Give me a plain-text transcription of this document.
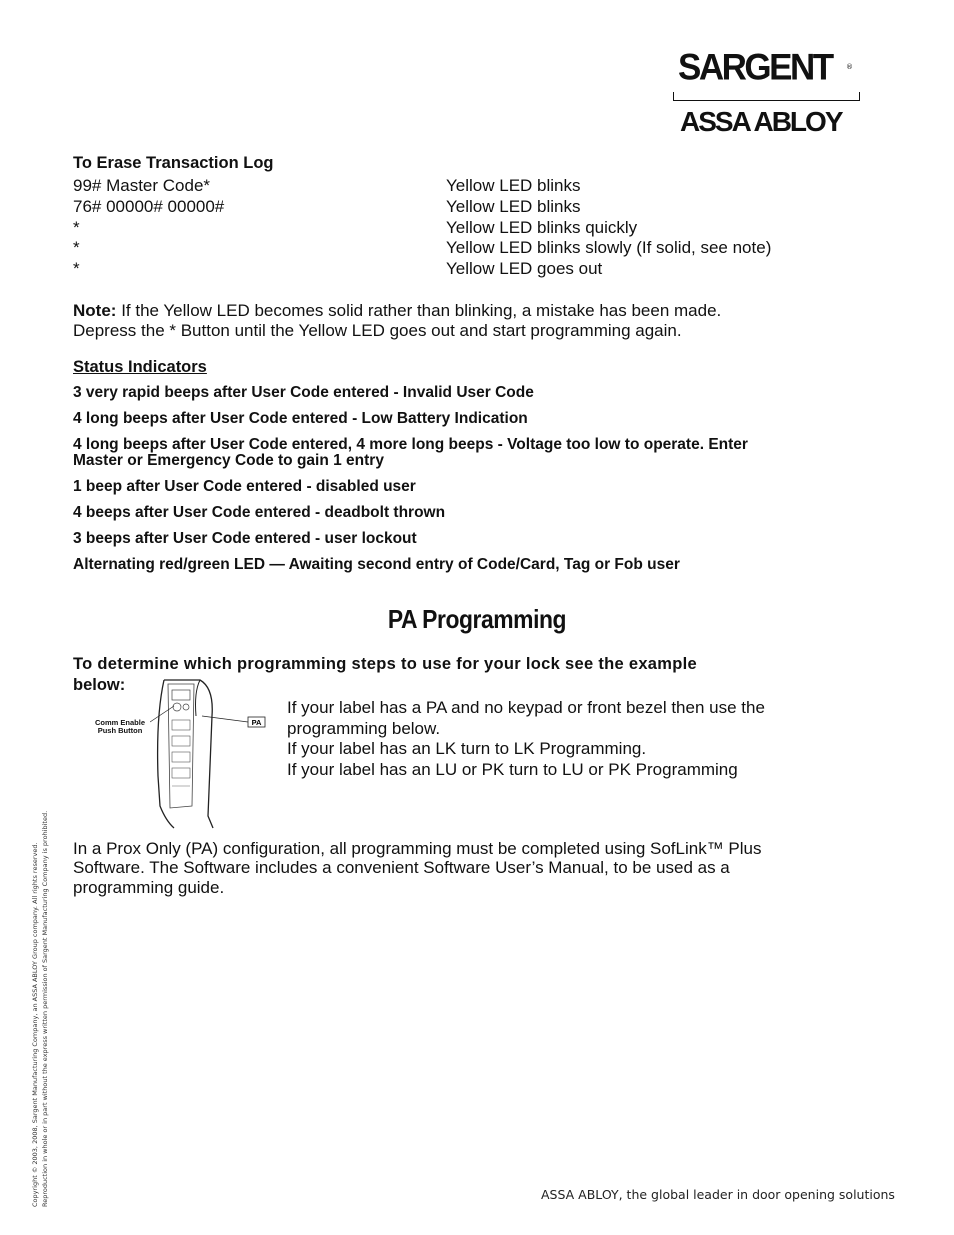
SARGENT ®
ASSA ABLOY
To Erase Transaction Log
99# Master Code*	Yellow LED blinks
76# 00000# 00000#	Yellow LED blinks
*	Yellow LED blinks quickly
*	Yellow LED blinks slowly (If solid, see note)
*	Yellow LED goes out
Note: If the Yellow LED becomes solid rather than blinking, a mistake has been made.
Depress the * Button until the Yellow LED goes out and start programming again.
Status Indicators
3 very rapid beeps after User Code entered - Invalid User Code
4 long beeps after User Code entered - Low Battery Indication
4 long beeps after User Code entered, 4 more long beeps - Voltage too low to operate. Enter
Master or Emergency Code to gain 1 entry
1 beep after User Code entered - disabled user
4 beeps after User Code entered - deadbolt thrown
3 beeps after User Code entered - user lockout
Alternating red/green LED — Awaiting second entry of Code/Card, Tag or Fob user
PA Programming
To determine which programming steps to use for your lock see the example
below:
PA
Comm Enable
Push Button
If your label has a PA and no keypad or front bezel then use the
programming below.
If your label has an LK turn to LK Programming.
If your label has an LU or PK turn to LU or PK Programming
In a Prox Only (PA) configuration, all programming must be completed using SofLink™ Plus
Software. The Software includes a convenient Software User’s Manual, to be used as a
programming guide.
Copyright © 2003, 2008, Sargent Manufacturing Company, an ASSA ABLOY Group company. All rights reserved. Reproduction in whole or in part without the express written permission of Sargent Manufacturing Company is prohibited.	ASSA ABLOY, the global leader in door opening solutions
